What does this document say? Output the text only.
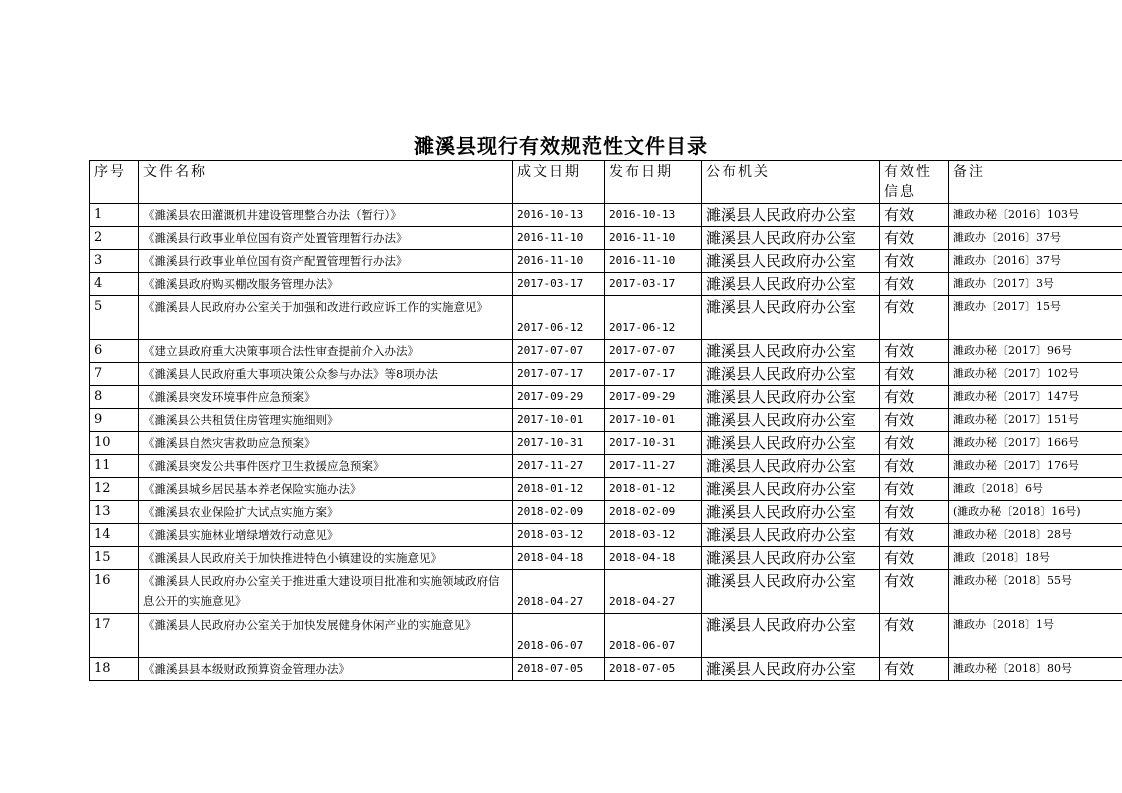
濉溪县现行有效规范性文件目录
序号	文件名称	成文日期	发布日期	公布机关	有效性信息	备注
1	《濉溪县农田灌溉机井建设管理整合办法（暂行）》	2016-10-13	2016-10-13	濉溪县人民政府办公室	有效	濉政办秘〔2016〕103号
2	《濉溪县行政事业单位国有资产处置管理暂行办法》	2016-11-10	2016-11-10	濉溪县人民政府办公室	有效	濉政办〔2016〕37号
3	《濉溪县行政事业单位国有资产配置管理暂行办法》	2016-11-10	2016-11-10	濉溪县人民政府办公室	有效	濉政办〔2016〕37号
4	《濉溪县政府购买棚改服务管理办法》	2017-03-17	2017-03-17	濉溪县人民政府办公室	有效	濉政办〔2017〕3号
5	《濉溪县人民政府办公室关于加强和改进行政应诉工作的实施意见》	2017-06-12	2017-06-12	濉溪县人民政府办公室	有效	濉政办〔2017〕15号
6	《建立县政府重大决策事项合法性审查提前介入办法》	2017-07-07	2017-07-07	濉溪县人民政府办公室	有效	濉政办秘〔2017〕96号
7	《濉溪县人民政府重大事项决策公众参与办法》等8项办法	2017-07-17	2017-07-17	濉溪县人民政府办公室	有效	濉政办秘〔2017〕102号
8	《濉溪县突发环境事件应急预案》	2017-09-29	2017-09-29	濉溪县人民政府办公室	有效	濉政办秘〔2017〕147号
9	《濉溪县公共租赁住房管理实施细则》	2017-10-01	2017-10-01	濉溪县人民政府办公室	有效	濉政办秘〔2017〕151号
10	《濉溪县自然灾害救助应急预案》	2017-10-31	2017-10-31	濉溪县人民政府办公室	有效	濉政办秘〔2017〕166号
11	《濉溪县突发公共事件医疗卫生救援应急预案》	2017-11-27	2017-11-27	濉溪县人民政府办公室	有效	濉政办秘〔2017〕176号
12	《濉溪县城乡居民基本养老保险实施办法》	2018-01-12	2018-01-12	濉溪县人民政府办公室	有效	濉政〔2018〕6号
13	《濉溪县农业保险扩大试点实施方案》	2018-02-09	2018-02-09	濉溪县人民政府办公室	有效	(濉政办秘〔2018〕16号)
14	《濉溪县实施林业增绿增效行动意见》	2018-03-12	2018-03-12	濉溪县人民政府办公室	有效	濉政办秘〔2018〕28号
15	《濉溪县人民政府关于加快推进特色小镇建设的实施意见》	2018-04-18	2018-04-18	濉溪县人民政府办公室	有效	濉政〔2018〕18号
16	《濉溪县人民政府办公室关于推进重大建设项目批准和实施领域政府信息公开的实施意见》	2018-04-27	2018-04-27	濉溪县人民政府办公室	有效	濉政办秘〔2018〕55号
17	《濉溪县人民政府办公室关于加快发展健身休闲产业的实施意见》	2018-06-07	2018-06-07	濉溪县人民政府办公室	有效	濉政办〔2018〕1号
18	《濉溪县县本级财政预算资金管理办法》	2018-07-05	2018-07-05	濉溪县人民政府办公室	有效	濉政办秘〔2018〕80号
